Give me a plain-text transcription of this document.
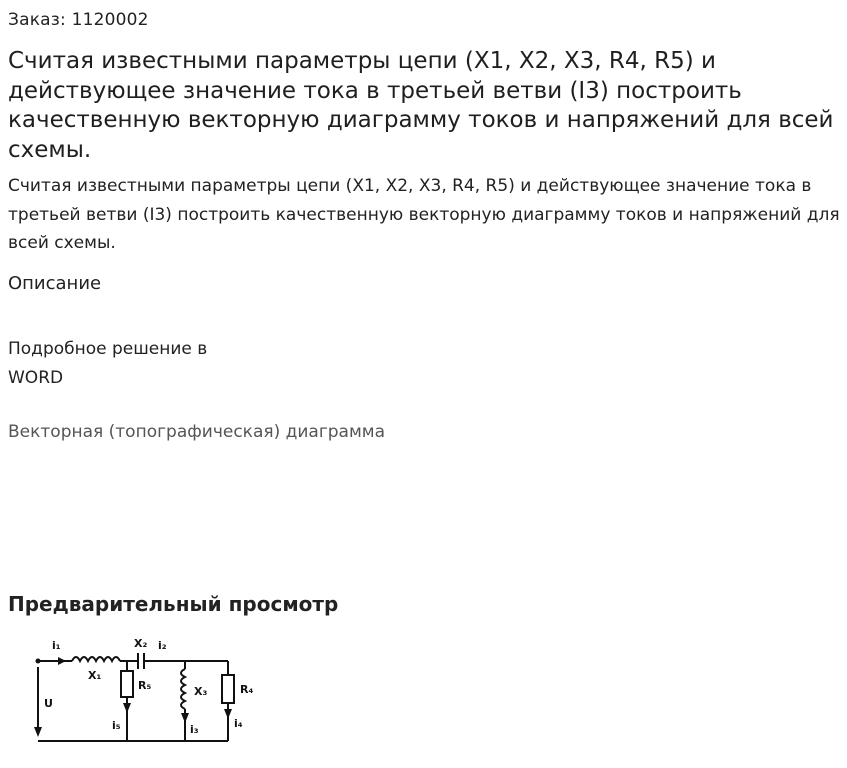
Заказ: 1120002
Считая известными параметры цепи (X1, X2, X3, R4, R5) и действующее значение тока в третьей ветви (I3) построить качественную векторную диаграмму токов и напряжений для всей схемы.
Считая известными параметры цепи (X1, X2, X3, R4, R5) и действующее значение тока в третьей ветви (I3) построить качественную векторную диаграмму токов и напряжений для всей схемы.
Описание
Подробное решение в
WORD
Векторная (топографическая) диаграмма
Предварительный просмотр
i₁
X₁
X₂ i₂
R₅	X₃	R₄
U
i₅	i₃	i₄
